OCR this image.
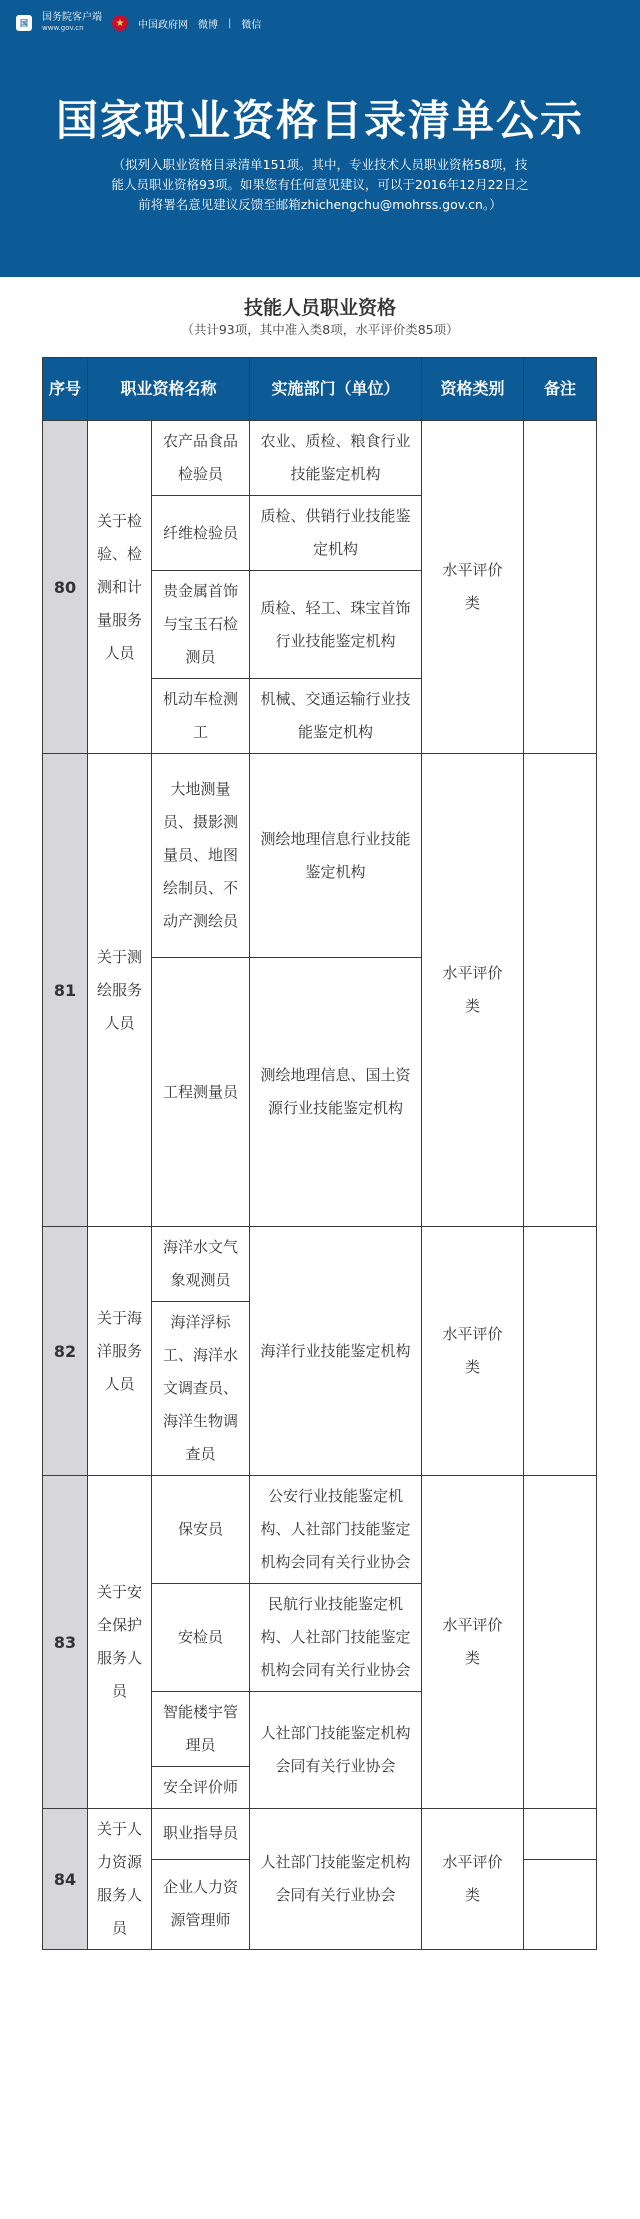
国	国务院客户端
www.gov.cn	★	中国政府网 微博 | 微信
国家职业资格目录清单公示
（拟列入职业资格目录清单151项。其中，专业技术人员职业资格58项，技能人员职业资格93项。如果您有任何意见建议，可以于2016年12月22日之前将署名意见建议反馈至邮箱zhichengchu@mohrss.gov.cn。）
技能人员职业资格
（共计93项，其中准入类8项，水平评价类85项）
序号	职业资格名称		实施部门（单位）	资格类别	备注
80	关于检验、检测和计量服务人员	农产品食品检验员	农业、质检、粮食行业技能鉴定机构	水平评价类	
		纤维检验员	质检、供销行业技能鉴定机构		
		贵金属首饰与宝玉石检测员	质检、轻工、珠宝首饰行业技能鉴定机构		
		机动车检测工	机械、交通运输行业技能鉴定机构		
81	关于测绘服务人员	大地测量员、摄影测量员、地图绘制员、不动产测绘员	测绘地理信息行业技能鉴定机构	水平评价类	
		工程测量员	测绘地理信息、国土资源行业技能鉴定机构		
82	关于海洋服务人员	海洋水文气象观测员	海洋行业技能鉴定机构	水平评价类	
		海洋浮标工、海洋水文调查员、海洋生物调查员			
83	关于安全保护服务人员	保安员	公安行业技能鉴定机构、人社部门技能鉴定机构会同有关行业协会	水平评价类	
		安检员	民航行业技能鉴定机构、人社部门技能鉴定机构会同有关行业协会		
		智能楼宇管理员	人社部门技能鉴定机构会同有关行业协会		
		安全评价师			
84	关于人力资源服务人员	职业指导员	人社部门技能鉴定机构会同有关行业协会	水平评价类	
		企业人力资源管理师			
